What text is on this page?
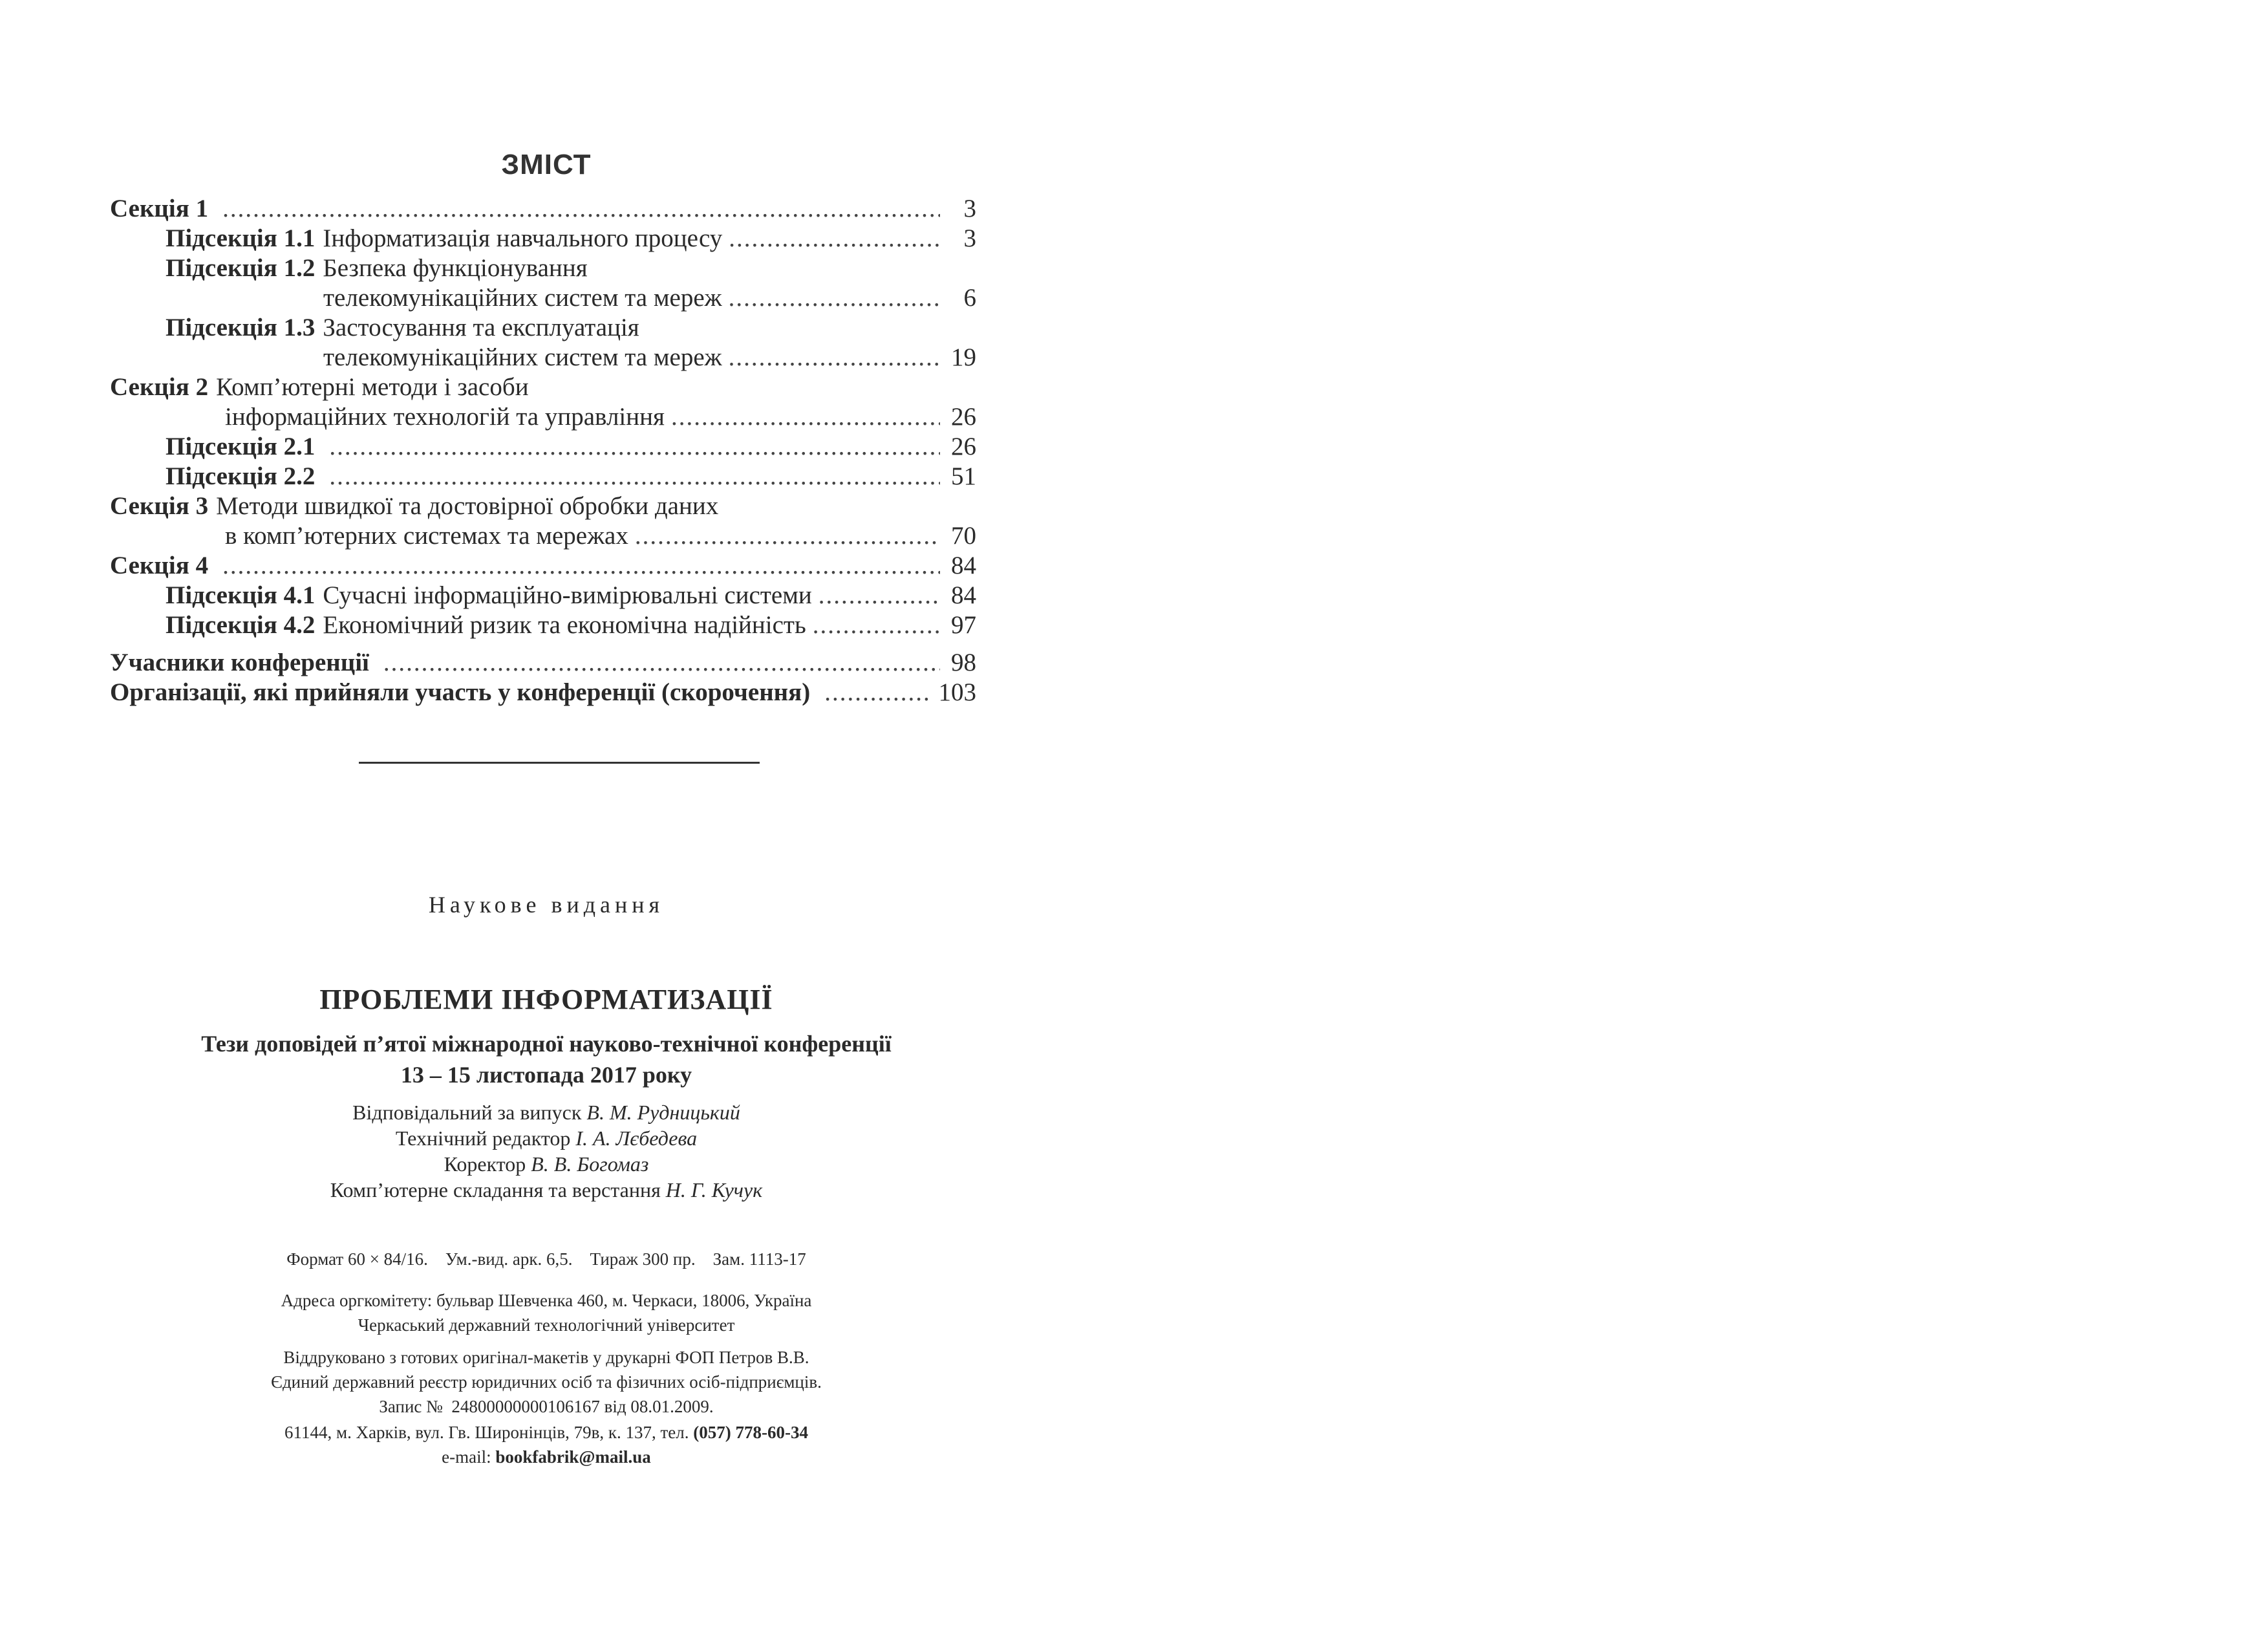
ЗМІСТ
Секція 1 .....	3
Підсекція 1.1 Інформатизація навчального процесу .....	3
Підсекція 1.2 Безпека функціонування
телекомунікаційних систем та мереж .....	6
Підсекція 1.3 Застосування та експлуатація
телекомунікаційних систем та мереж .....	19
Секція 2 Комп’ютерні методи і засоби
інформаційних технологій та управління .....	26
Підсекція 2.1 .....	26
Підсекція 2.2 .....	51
Секція 3 Методи швидкої та достовірної обробки даних
в комп’ютерних системах та мережах .....	70
Секція 4 .....	84
Підсекція 4.1 Сучасні інформаційно-вимірювальні системи .....	84
Підсекція 4.2 Економічний ризик та економічна надійність .....	97
Учасники конференції .....	98
Організації, які прийняли участь у конференції (скорочення) .....	103
Наукове видання
ПРОБЛЕМИ ІНФОРМАТИЗАЦІЇ
Тези доповідей п’ятої міжнародної науково-технічної конференції
13 – 15 листопада 2017 року
Відповідальний за випуск В. М. Рудницький
Технічний редактор І. А. Лєбедева
Коректор В. В. Богомаз
Комп’ютерне складання та верстання Н. Г. Кучук
Формат 60 × 84/16.    Ум.-вид. арк. 6,5.    Тираж 300 пр.    Зам. 1113-17
Адреса оргкомітету: бульвар Шевченка 460, м. Черкаси, 18006, Україна
Черкаський державний технологічний університет
Віддруковано з готових оригінал-макетів у друкарні ФОП Петров В.В.
Єдиний державний реєстр юридичних осіб та фізичних осіб-підприємців.
Запис №  24800000000106167 від 08.01.2009.
61144, м. Харків, вул. Гв. Широнінців, 79в, к. 137, тел. (057) 778-60-34
e-mail: bookfabrik@mail.ua
